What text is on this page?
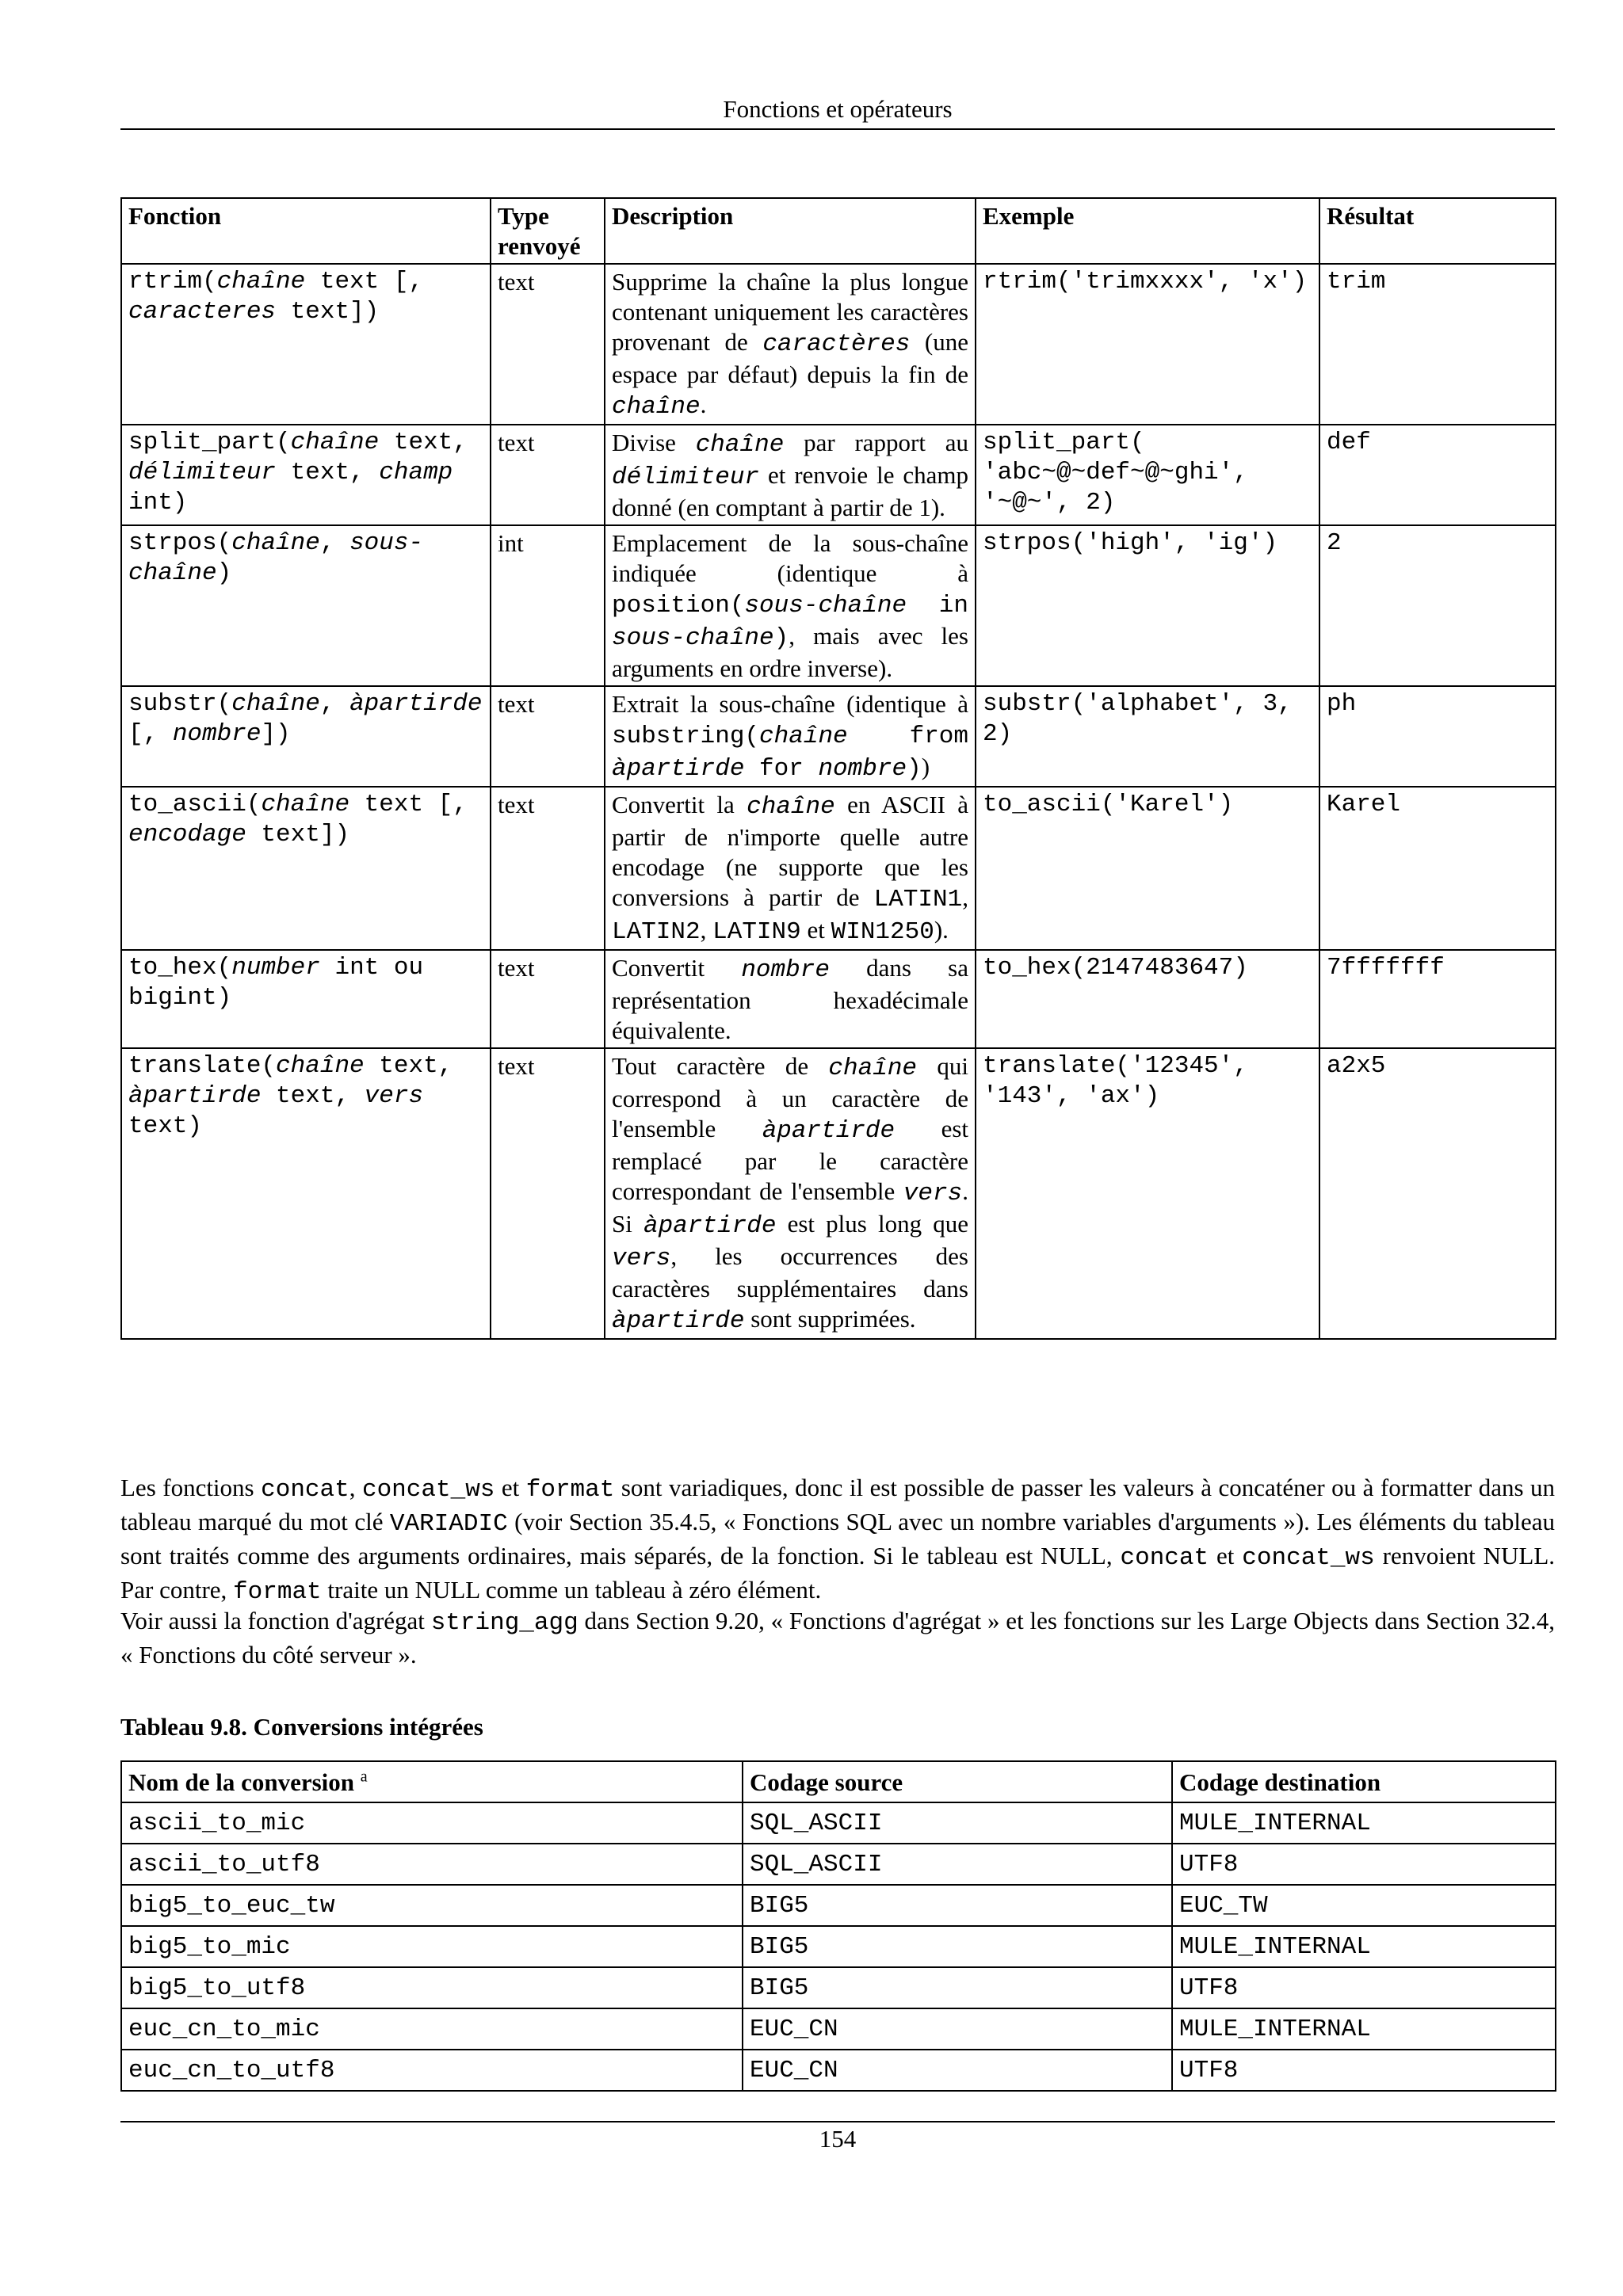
Fonctions et opérateurs
Fonction	Type renvoyé	Description	Exemple	Résultat
rtrim(chaîne text [, caracteres text])	text	Supprime la chaîne la plus longue contenant uniquement les caractères provenant de caractères (une espace par défaut) depuis la fin de chaîne.	rtrim('trimxxxx', 'x')	trim
split_part(chaîne text, délimiteur text, champ int)	text	Divise chaîne par rapport au délimiteur et renvoie le champ donné (en comptant à partir de 1).	split_part( 'abc~@~def~@~ghi', '~@~', 2)	def
strpos(chaîne, sous-chaîne)	int	Emplacement de la sous-chaîne indiquée (identique à position(sous-chaîne in sous-chaîne), mais avec les arguments en ordre inverse).	strpos('high', 'ig')	2
substr(chaîne, àpartirde [, nombre])	text	Extrait la sous-chaîne (identique à substring(chaîne from àpartirde for nombre))	substr('alphabet', 3, 2)	ph
to_ascii(chaîne text [, encodage text])	text	Convertit la chaîne en ASCII à partir de n'importe quelle autre encodage (ne supporte que les conversions à partir de LATIN1, LATIN2, LATIN9 et WIN1250).	to_ascii('Karel')	Karel
to_hex(number int ou bigint)	text	Convertit nombre dans sa représentation hexadécimale équivalente.	to_hex(2147483647)	7fffffff
translate(chaîne text, àpartirde text, vers text)	text	Tout caractère de chaîne qui correspond à un caractère de l'ensemble àpartirde est remplacé par le caractère correspondant de l'ensemble vers. Si àpartirde est plus long que vers, les occurrences des caractères supplémentaires dans àpartirde sont supprimées.	translate('12345', '143', 'ax')	a2x5
Les fonctions concat, concat_ws et format sont variadiques, donc il est possible de passer les valeurs à concaténer ou à formatter dans un tableau marqué du mot clé VARIADIC (voir Section 35.4.5, « Fonctions SQL avec un nombre variables d'arguments »). Les éléments du tableau sont traités comme des arguments ordinaires, mais séparés, de la fonction. Si le tableau est NULL, concat et concat_ws renvoient NULL. Par contre, format traite un NULL comme un tableau à zéro élément.
Voir aussi la fonction d'agrégat string_agg dans Section 9.20, « Fonctions d'agrégat » et les fonctions sur les Large Objects dans Section 32.4, « Fonctions du côté serveur ».
Tableau 9.8. Conversions intégrées
Nom de la conversion $^a$	Codage source	Codage destination
ascii_to_mic	SQL_ASCII	MULE_INTERNAL
ascii_to_utf8	SQL_ASCII	UTF8
big5_to_euc_tw	BIG5	EUC_TW
big5_to_mic	BIG5	MULE_INTERNAL
big5_to_utf8	BIG5	UTF8
euc_cn_to_mic	EUC_CN	MULE_INTERNAL
euc_cn_to_utf8	EUC_CN	UTF8
154
